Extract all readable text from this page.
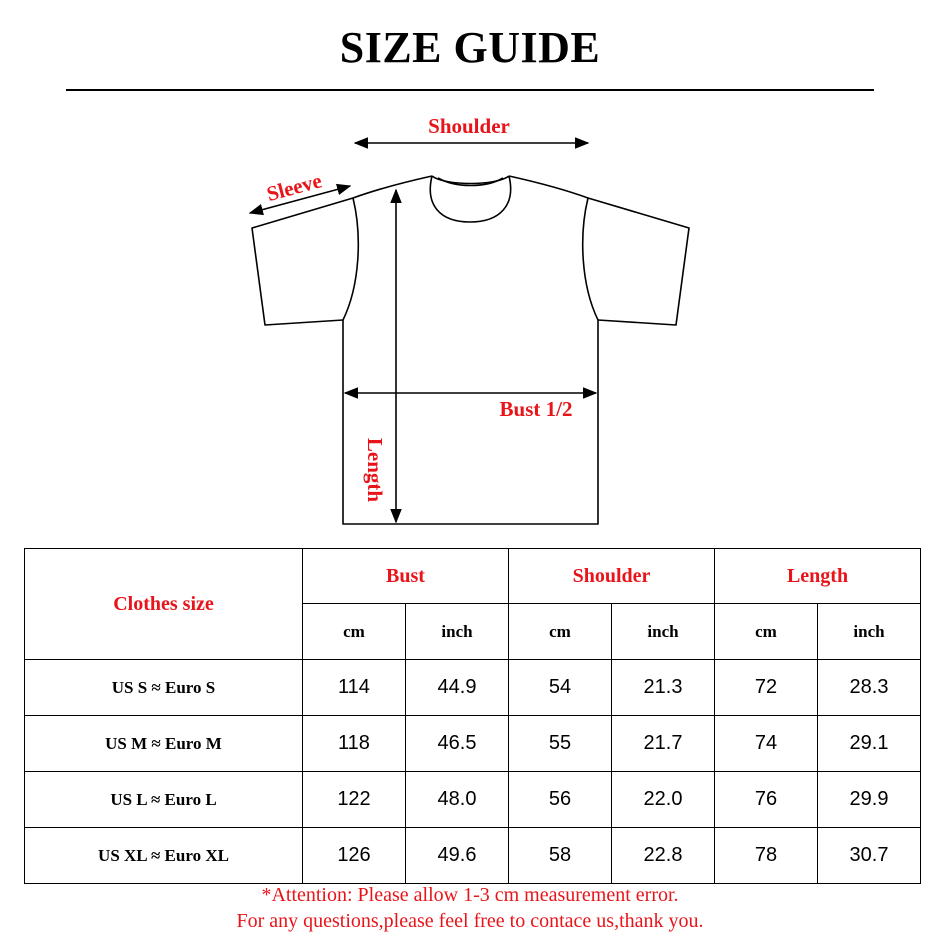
SIZE GUIDE
Shoulder
Sleeve
Length
Bust 1/2
Clothes size	Bust		Shoulder		Length	
	cm	inch	cm	inch	cm	inch
US S ≈ Euro S	114	44.9	54	21.3	72	28.3
US M ≈ Euro M	118	46.5	55	21.7	74	29.1
US L ≈ Euro L	122	48.0	56	22.0	76	29.9
US XL ≈ Euro XL	126	49.6	58	22.8	78	30.7
*Attention: Please allow 1-3 cm measurement error.
For any questions,please feel free to contace us,thank you.
